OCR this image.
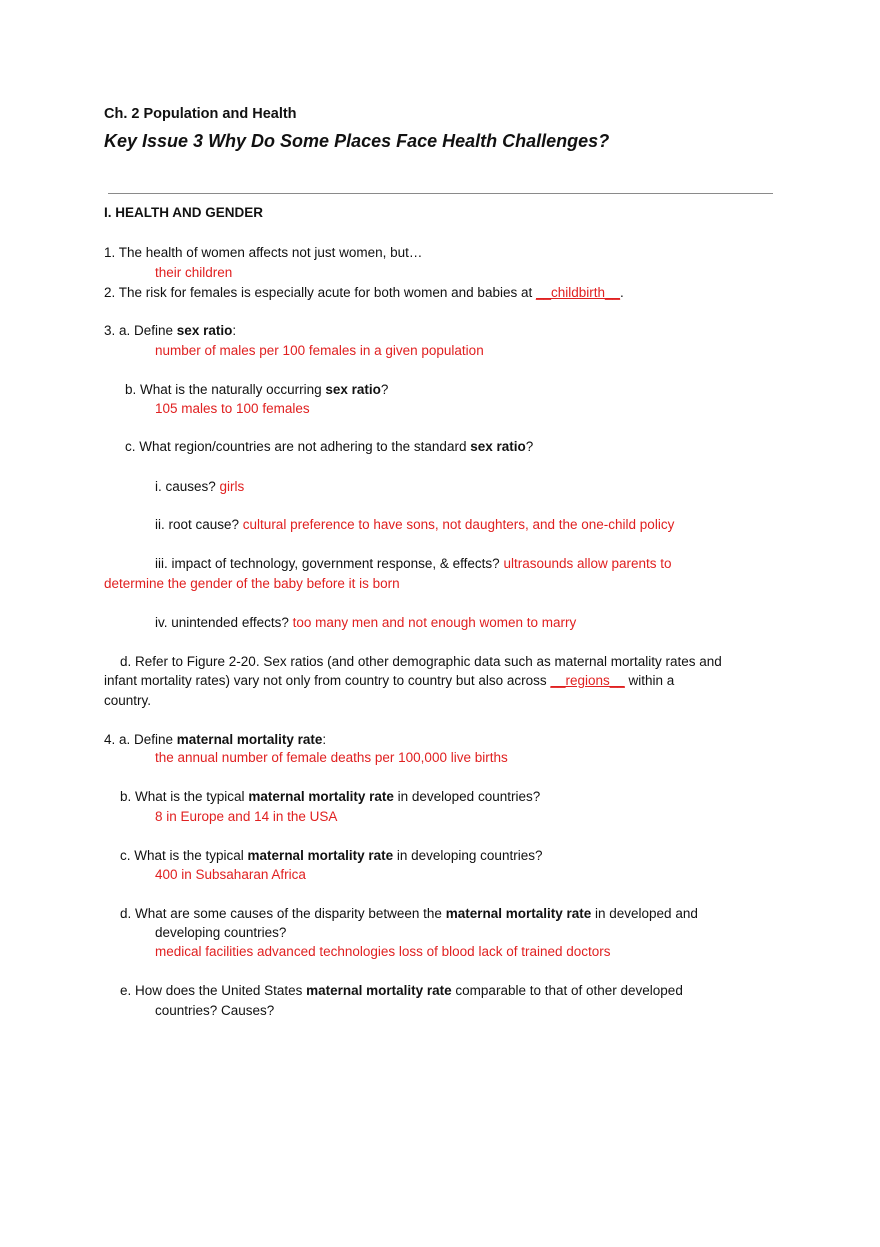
Ch. 2 Population and Health
Key Issue 3 Why Do Some Places Face Health Challenges?
I. HEALTH AND GENDER
1. The health of women affects not just women, but…
their children
2. The risk for females is especially acute for both women and babies at __childbirth__.
3. a. Define sex ratio:
number of males per 100 females in a given population
b. What is the naturally occurring sex ratio?
105 males to 100 females
c. What region/countries are not adhering to the standard sex ratio?
i. causes? girls
ii. root cause? cultural preference to have sons, not daughters, and the one-child policy
iii. impact of technology, government response, & effects? ultrasounds allow parents to
determine the gender of the baby before it is born
iv. unintended effects? too many men and not enough women to marry
d. Refer to Figure 2-20. Sex ratios (and other demographic data such as maternal mortality rates and
infant mortality rates) vary not only from country to country but also across __regions__ within a
country.
4. a. Define maternal mortality rate:
the annual number of female deaths per 100,000 live births
b. What is the typical maternal mortality rate in developed countries?
8 in Europe and 14 in the USA
c. What is the typical maternal mortality rate in developing countries?
400 in Subsaharan Africa
d. What are some causes of the disparity between the maternal mortality rate in developed and
developing countries?
medical facilities advanced technologies loss of blood lack of trained doctors
e. How does the United States maternal mortality rate comparable to that of other developed
countries? Causes?
